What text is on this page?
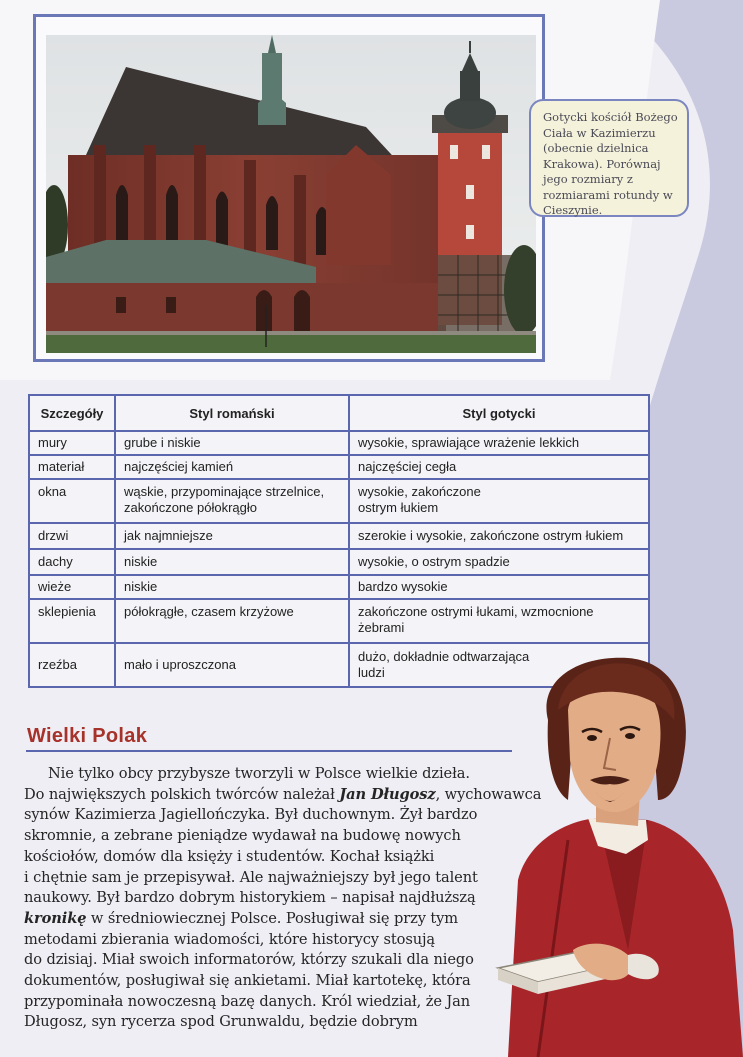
Gotycki kościół Bożego Ciała w Kazimierzu (obecnie dzielnica Krakowa). Porównaj jego rozmiary z rozmiarami rotundy w Cieszynie.
Szczegóły	Styl romański	Styl gotycki
mury	grube i niskie	wysokie, sprawiające wrażenie lekkich
materiał	najczęściej kamień	najczęściej cegła
okna	wąskie, przypominające strzelnice, zakończone półokrągło	wysokie, zakończone ostrym łukiem
drzwi	jak najmniejsze	szerokie i wysokie, zakończone ostrym łukiem
dachy	niskie	wysokie, o ostrym spadzie
wieże	niskie	bardzo wysokie
sklepienia	półokrągłe, czasem krzyżowe	zakończone ostrymi łukami, wzmocnione żebrami
rzeźba	mało i uproszczona	dużo, dokładnie odtwarzająca ludzi
Wielki Polak
Nie tylko obcy przybysze tworzyli w Polsce wielkie dzieła.
Do największych polskich twórców należał Jan Długosz, wychowawca
synów Kazimierza Jagiellończyka. Był duchownym. Żył bardzo
skromnie, a zebrane pieniądze wydawał na budowę nowych
kościołów, domów dla księży i studentów. Kochał książki
i chętnie sam je przepisywał. Ale najważniejszy był jego talent
naukowy. Był bardzo dobrym historykiem – napisał najdłuższą
kronikę w średniowiecznej Polsce. Posługiwał się przy tym
metodami zbierania wiadomości, które historycy stosują
do dzisiaj. Miał swoich informatorów, którzy szukali dla niego
dokumentów, posługiwał się ankietami. Miał kartotekę, która
przypominała nowoczesną bazę danych. Król wiedział, że Jan
Długosz, syn rycerza spod Grunwaldu, będzie dobrym
